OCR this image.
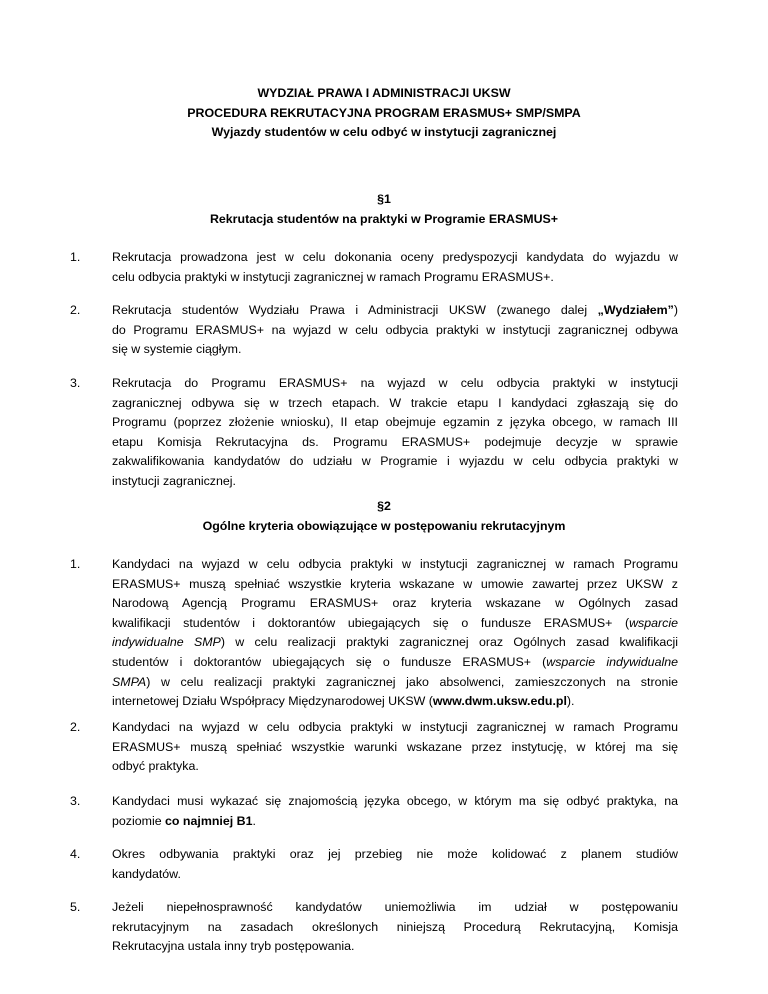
WYDZIAŁ PRAWA I ADMINISTRACJI UKSW
PROCEDURA REKRUTACYJNA PROGRAM ERASMUS+ SMP/SMPA
Wyjazdy studentów w celu odbyć w instytucji zagranicznej
§1
Rekrutacja studentów na praktyki w Programie ERASMUS+
1.	Rekrutacja prowadzona jest w celu dokonania oceny predyspozycji kandydata do wyjazdu w
celu odbycia praktyki w instytucji zagranicznej w ramach Programu ERASMUS+.
2.	Rekrutacja studentów Wydziału Prawa i Administracji UKSW (zwanego dalej „Wydziałem”)
do Programu ERASMUS+ na wyjazd w celu odbycia praktyki w instytucji zagranicznej odbywa
się w systemie ciągłym.
3.	Rekrutacja do Programu ERASMUS+ na wyjazd w celu odbycia praktyki w instytucji
zagranicznej odbywa się w trzech etapach. W trakcie etapu I kandydaci zgłaszają się do
Programu (poprzez złożenie wniosku), II etap obejmuje egzamin z języka obcego, w ramach III
etapu Komisja Rekrutacyjna ds. Programu ERASMUS+ podejmuje decyzje w sprawie
zakwalifikowania kandydatów do udziału w Programie i wyjazdu w celu odbycia praktyki w
instytucji zagranicznej.
§2
Ogólne kryteria obowiązujące w postępowaniu rekrutacyjnym
1.	Kandydaci na wyjazd w celu odbycia praktyki w instytucji zagranicznej w ramach Programu
ERASMUS+ muszą spełniać wszystkie kryteria wskazane w umowie zawartej przez UKSW z
Narodową Agencją Programu ERASMUS+ oraz kryteria wskazane w Ogólnych zasad
kwalifikacji studentów i doktorantów ubiegających się o fundusze ERASMUS+ (wsparcie
indywidualne SMP) w celu realizacji praktyki zagranicznej oraz Ogólnych zasad kwalifikacji
studentów i doktorantów ubiegających się o fundusze ERASMUS+ (wsparcie indywidualne
SMPA) w celu realizacji praktyki zagranicznej jako absolwenci, zamieszczonych na stronie
internetowej Działu Współpracy Międzynarodowej UKSW (www.dwm.uksw.edu.pl).
2.	Kandydaci na wyjazd w celu odbycia praktyki w instytucji zagranicznej w ramach Programu
ERASMUS+ muszą spełniać wszystkie warunki wskazane przez instytucję, w której ma się
odbyć praktyka.
3.	Kandydaci musi wykazać się znajomością języka obcego, w którym ma się odbyć praktyka, na
poziomie co najmniej B1.
4.	Okres odbywania praktyki oraz jej przebieg nie może kolidować z planem studiów
kandydatów.
5.	Jeżeli niepełnosprawność kandydatów uniemożliwia im udział w postępowaniu
rekrutacyjnym na zasadach określonych niniejszą Procedurą Rekrutacyjną, Komisja
Rekrutacyjna ustala inny tryb postępowania.
